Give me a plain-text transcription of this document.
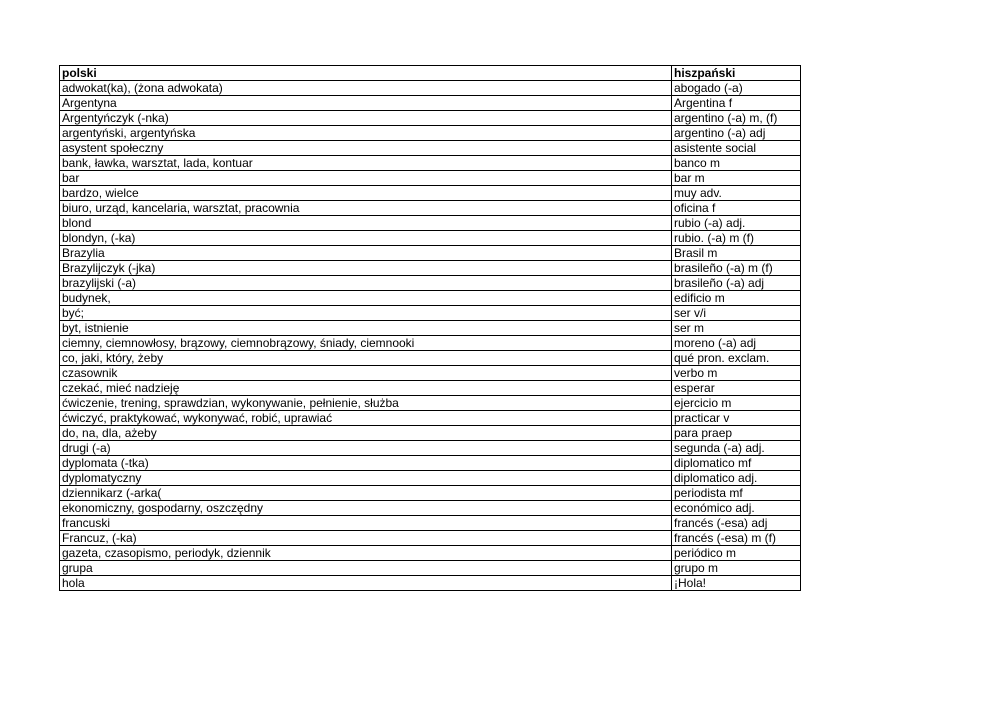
polski	hiszpański
adwokat(ka), (żona adwokata)	abogado (-a)
Argentyna	Argentina f
Argentyńczyk (-nka)	argentino (-a) m, (f)
argentyński, argentyńska	argentino (-a) adj
asystent społeczny	asistente social
bank, ławka, warsztat, lada, kontuar	banco m
bar	bar m
bardzo, wielce	muy adv.
biuro, urząd, kancelaria, warsztat, pracownia	oficina f
blond	rubio (-a) adj.
blondyn, (-ka)	rubio. (-a) m (f)
Brazylia	Brasil m
Brazylijczyk (-jka)	brasileño (-a) m (f)
brazylijski (-a)	brasileño (-a) adj
budynek,	edificio m
być;	ser v/i
byt, istnienie	ser m
ciemny, ciemnowłosy, brązowy, ciemnobrązowy, śniady, ciemnooki	moreno (-a) adj
co, jaki, który, żeby	qué pron. exclam.
czasownik	verbo m
czekać, mieć nadzieję	esperar
ćwiczenie, trening, sprawdzian, wykonywanie, pełnienie, służba	ejercicio m
ćwiczyć, praktykować, wykonywać, robić, uprawiać	practicar v
do, na, dla, ażeby	para praep
drugi (-a)	segunda (-a) adj.
dyplomata (-tka)	diplomatico mf
dyplomatyczny	diplomatico adj.
dziennikarz (-arka(	periodista mf
ekonomiczny, gospodarny, oszczędny	económico adj.
francuski	francés (-esa) adj
Francuz, (-ka)	francés (-esa) m (f)
gazeta, czasopismo, periodyk, dziennik	periódico m
grupa	grupo m
hola	¡Hola!
